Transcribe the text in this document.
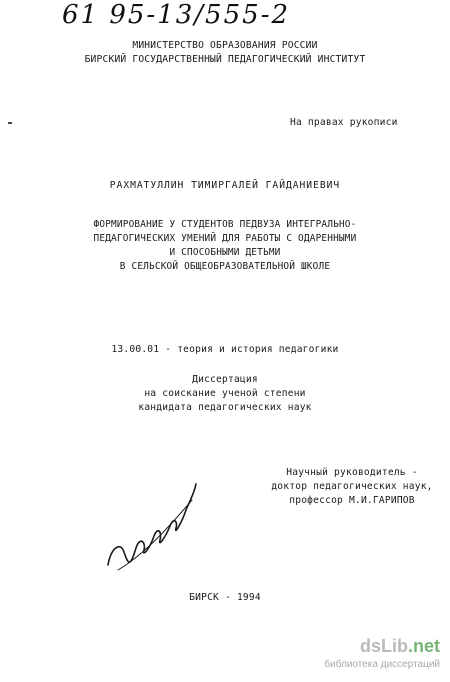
61 95-13/555-2
МИНИСТЕРСТВО ОБРАЗОВАНИЯ РОССИИ
БИРСКИЙ ГОСУДАРСТВЕННЫЙ ПЕДАГОГИЧЕСКИЙ ИНСТИТУТ
На правах рукописи
РАХМАТУЛЛИН ТИМИРГАЛЕЙ ГАЙДАНИЕВИЧ
ФОРМИРОВАНИЕ У СТУДЕНТОВ ПЕДВУЗА ИНТЕГРАЛЬНО-
ПЕДАГОГИЧЕСКИХ УМЕНИЙ ДЛЯ РАБОТЫ С ОДАРЕННЫМИ
И СПОСОБНЫМИ ДЕТЬМИ
В СЕЛЬСКОЙ ОБЩЕОБРАЗОВАТЕЛЬНОЙ ШКОЛЕ
13.00.01 - теория и история педагогики
Диссертация
на соискание ученой степени
кандидата педагогических наук
Научный руководитель -
доктор педагогических наук,
профессор М.И.ГАРИПОВ
БИРСК - 1994
dsLib.net
библиотека диссертаций
